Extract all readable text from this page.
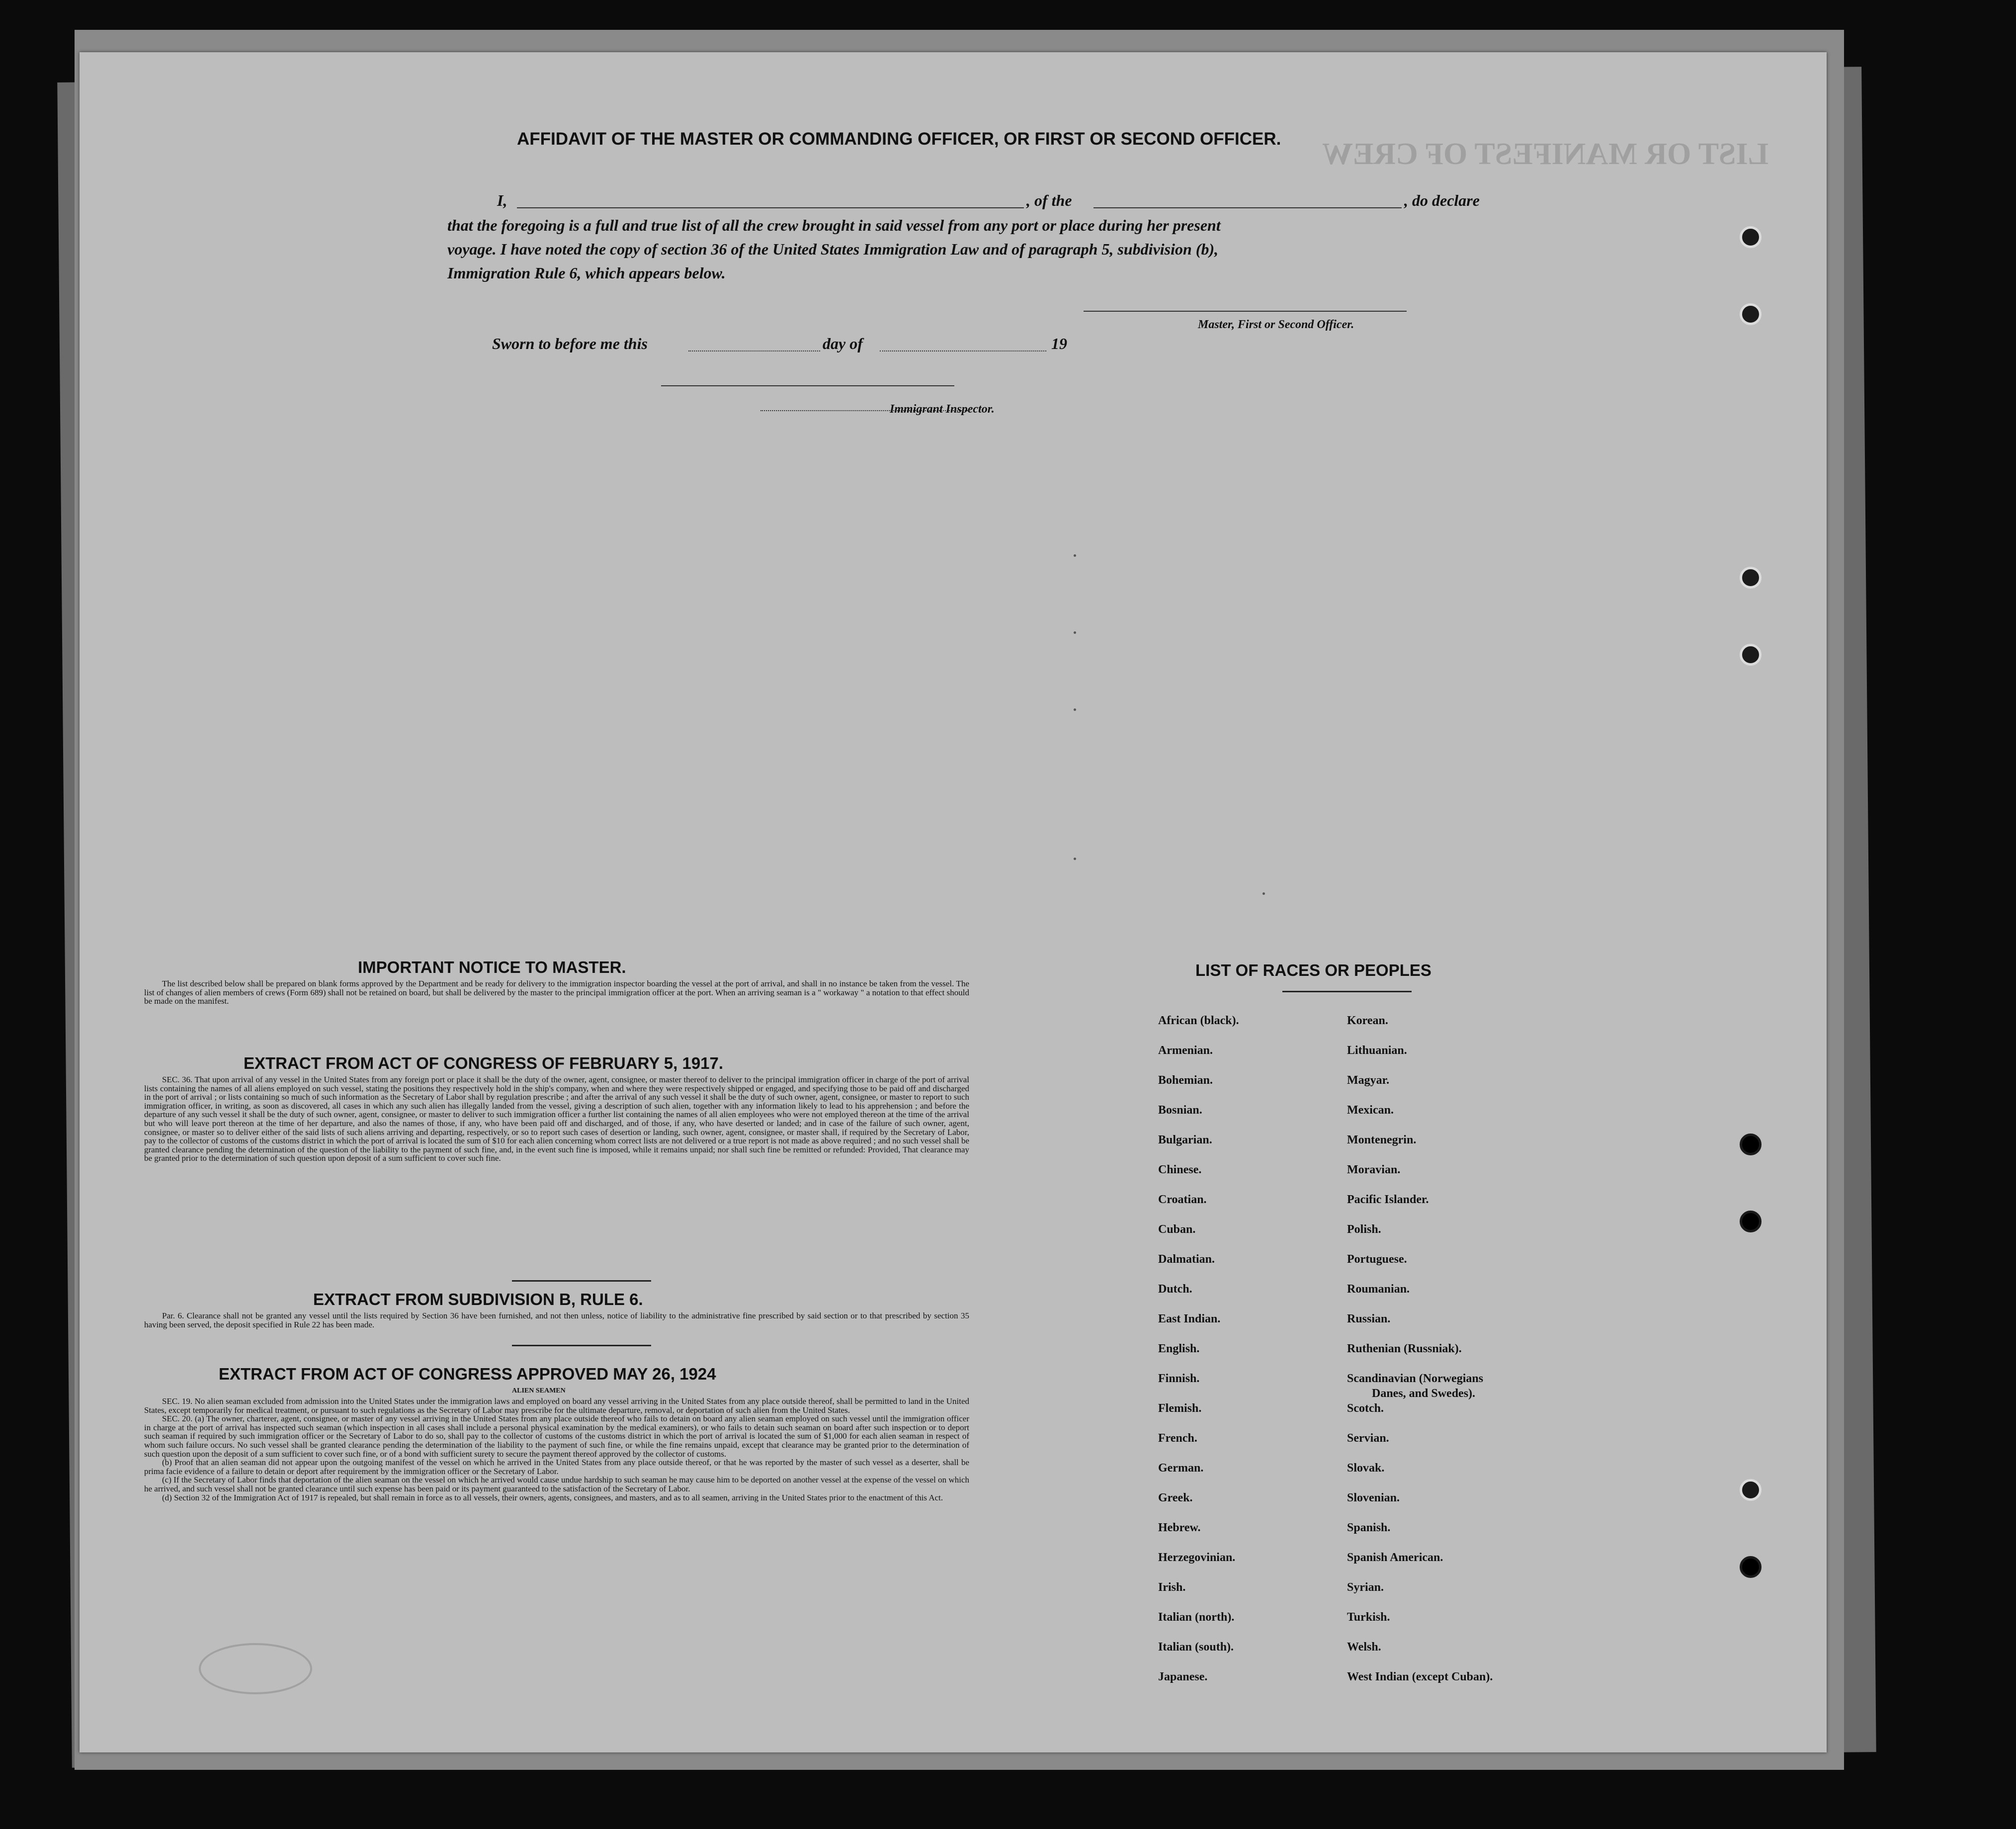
LIST OR MANIFEST OF CREW
AFFIDAVIT OF THE MASTER OR COMMANDING OFFICER, OR FIRST OR SECOND OFFICER.
I,	, of the	, do declare
that the foregoing is a full and true list of all the crew brought in said vessel from any port or place during her present
voyage. I have noted the copy of section 36 of the United States Immigration Law and of paragraph 5, subdivision (b),
Immigration Rule 6, which appears below.
Master, First or Second Officer.
Sworn to before me this	day of	19
Immigrant Inspector.
IMPORTANT NOTICE TO MASTER.

The list described below shall be prepared on blank forms approved by the Department and be ready for delivery to the immigration inspector boarding the vessel at the port of arrival, and shall in no instance be taken from the vessel. The list of changes of alien members of crews (Form 689) shall not be retained on board, but shall be delivered by the master to the principal immigration officer at the port. When an arriving seaman is a " workaway " a notation to that effect should be made on the manifest.

EXTRACT FROM ACT OF CONGRESS OF FEBRUARY 5, 1917.

SEC. 36. That upon arrival of any vessel in the United States from any foreign port or place it shall be the duty of the owner, agent, consignee, or master thereof to deliver to the principal immigration officer in charge of the port of arrival lists containing the names of all aliens employed on such vessel, stating the positions they respectively hold in the ship's company, when and where they were respectively shipped or engaged, and specifying those to be paid off and discharged in the port of arrival ; or lists containing so much of such information as the Secretary of Labor shall by regulation prescribe ; and after the arrival of any such vessel it shall be the duty of such owner, agent, consignee, or master to report to such immigration officer, in writing, as soon as discovered, all cases in which any such alien has illegally landed from the vessel, giving a description of such alien, together with any information likely to lead to his apprehension ; and before the departure of any such vessel it shall be the duty of such owner, agent, consignee, or master to deliver to such immigration officer a further list containing the names of all alien employees who were not employed thereon at the time of the arrival but who will leave port thereon at the time of her departure, and also the names of those, if any, who have been paid off and discharged, and of those, if any, who have deserted or landed; and in case of the failure of such owner, agent, consignee, or master so to deliver either of the said lists of such aliens arriving and departing, respectively, or so to report such cases of desertion or landing, such owner, agent, consignee, or master shall, if required by the Secretary of Labor, pay to the collector of customs of the customs district in which the port of arrival is located the sum of $10 for each alien concerning whom correct lists are not delivered or a true report is not made as above required ; and no such vessel shall be granted clearance pending the determination of the question of the liability to the payment of such fine, and, in the event such fine is imposed, while it remains unpaid; nor shall such fine be remitted or refunded: Provided, That clearance may be granted prior to the determination of such question upon deposit of a sum sufficient to cover such fine.

EXTRACT FROM SUBDIVISION B, RULE 6.

Par. 6. Clearance shall not be granted any vessel until the lists required by Section 36 have been furnished, and not then unless, notice of liability to the administrative fine prescribed by said section or to that prescribed by section 35 having been served, the deposit specified in Rule 22 has been made.

EXTRACT FROM ACT OF CONGRESS APPROVED MAY 26, 1924
ALIEN SEAMEN

SEC. 19. No alien seaman excluded from admission into the United States under the immigration laws and employed on board any vessel arriving in the United States from any place outside thereof, shall be permitted to land in the United States, except temporarily for medical treatment, or pursuant to such regulations as the Secretary of Labor may prescribe for the ultimate departure, removal, or deportation of such alien from the United States.

SEC. 20. (a) The owner, charterer, agent, consignee, or master of any vessel arriving in the United States from any place outside thereof who fails to detain on board any alien seaman employed on such vessel until the immigration officer in charge at the port of arrival has inspected such seaman (which inspection in all cases shall include a personal physical examination by the medical examiners), or who fails to detain such seaman on board after such inspection or to deport such seaman if required by such immigration officer or the Secretary of Labor to do so, shall pay to the collector of customs of the customs district in which the port of arrival is located the sum of $1,000 for each alien seaman in respect of whom such failure occurs. No such vessel shall be granted clearance pending the determination of the liability to the payment of such fine, or while the fine remains unpaid, except that clearance may be granted prior to the determination of such question upon the deposit of a sum sufficient to cover such fine, or of a bond with sufficient surety to secure the payment thereof approved by the collector of customs.

(b) Proof that an alien seaman did not appear upon the outgoing manifest of the vessel on which he arrived in the United States from any place outside thereof, or that he was reported by the master of such vessel as a deserter, shall be prima facie evidence of a failure to detain or deport after requirement by the immigration officer or the Secretary of Labor.

(c) If the Secretary of Labor finds that deportation of the alien seaman on the vessel on which he arrived would cause undue hardship to such seaman he may cause him to be deported on another vessel at the expense of the vessel on which he arrived, and such vessel shall not be granted clearance until such expense has been paid or its payment guaranteed to the satisfaction of the Secretary of Labor.

(d) Section 32 of the Immigration Act of 1917 is repealed, but shall remain in force as to all vessels, their owners, agents, consignees, and masters, and as to all seamen, arriving in the United States prior to the enactment of this Act.

LIST OF RACES OR PEOPLES
African (black).
Armenian.
Bohemian.
Bosnian.
Bulgarian.
Chinese.
Croatian.
Cuban.
Dalmatian.
Dutch.
East Indian.
English.
Finnish.
Flemish.
French.
German.
Greek.
Hebrew.
Herzegovinian.
Irish.
Italian (north).
Italian (south).
Japanese.
Korean.
Lithuanian.
Magyar.
Mexican.
Montenegrin.
Moravian.
Pacific Islander.
Polish.
Portuguese.
Roumanian.
Russian.
Ruthenian (Russniak).
Scandinavian (Norwegians
Danes, and Swedes).
Scotch.
Servian.
Slovak.
Slovenian.
Spanish.
Spanish American.
Syrian.
Turkish.
Welsh.
West Indian (except Cuban).
